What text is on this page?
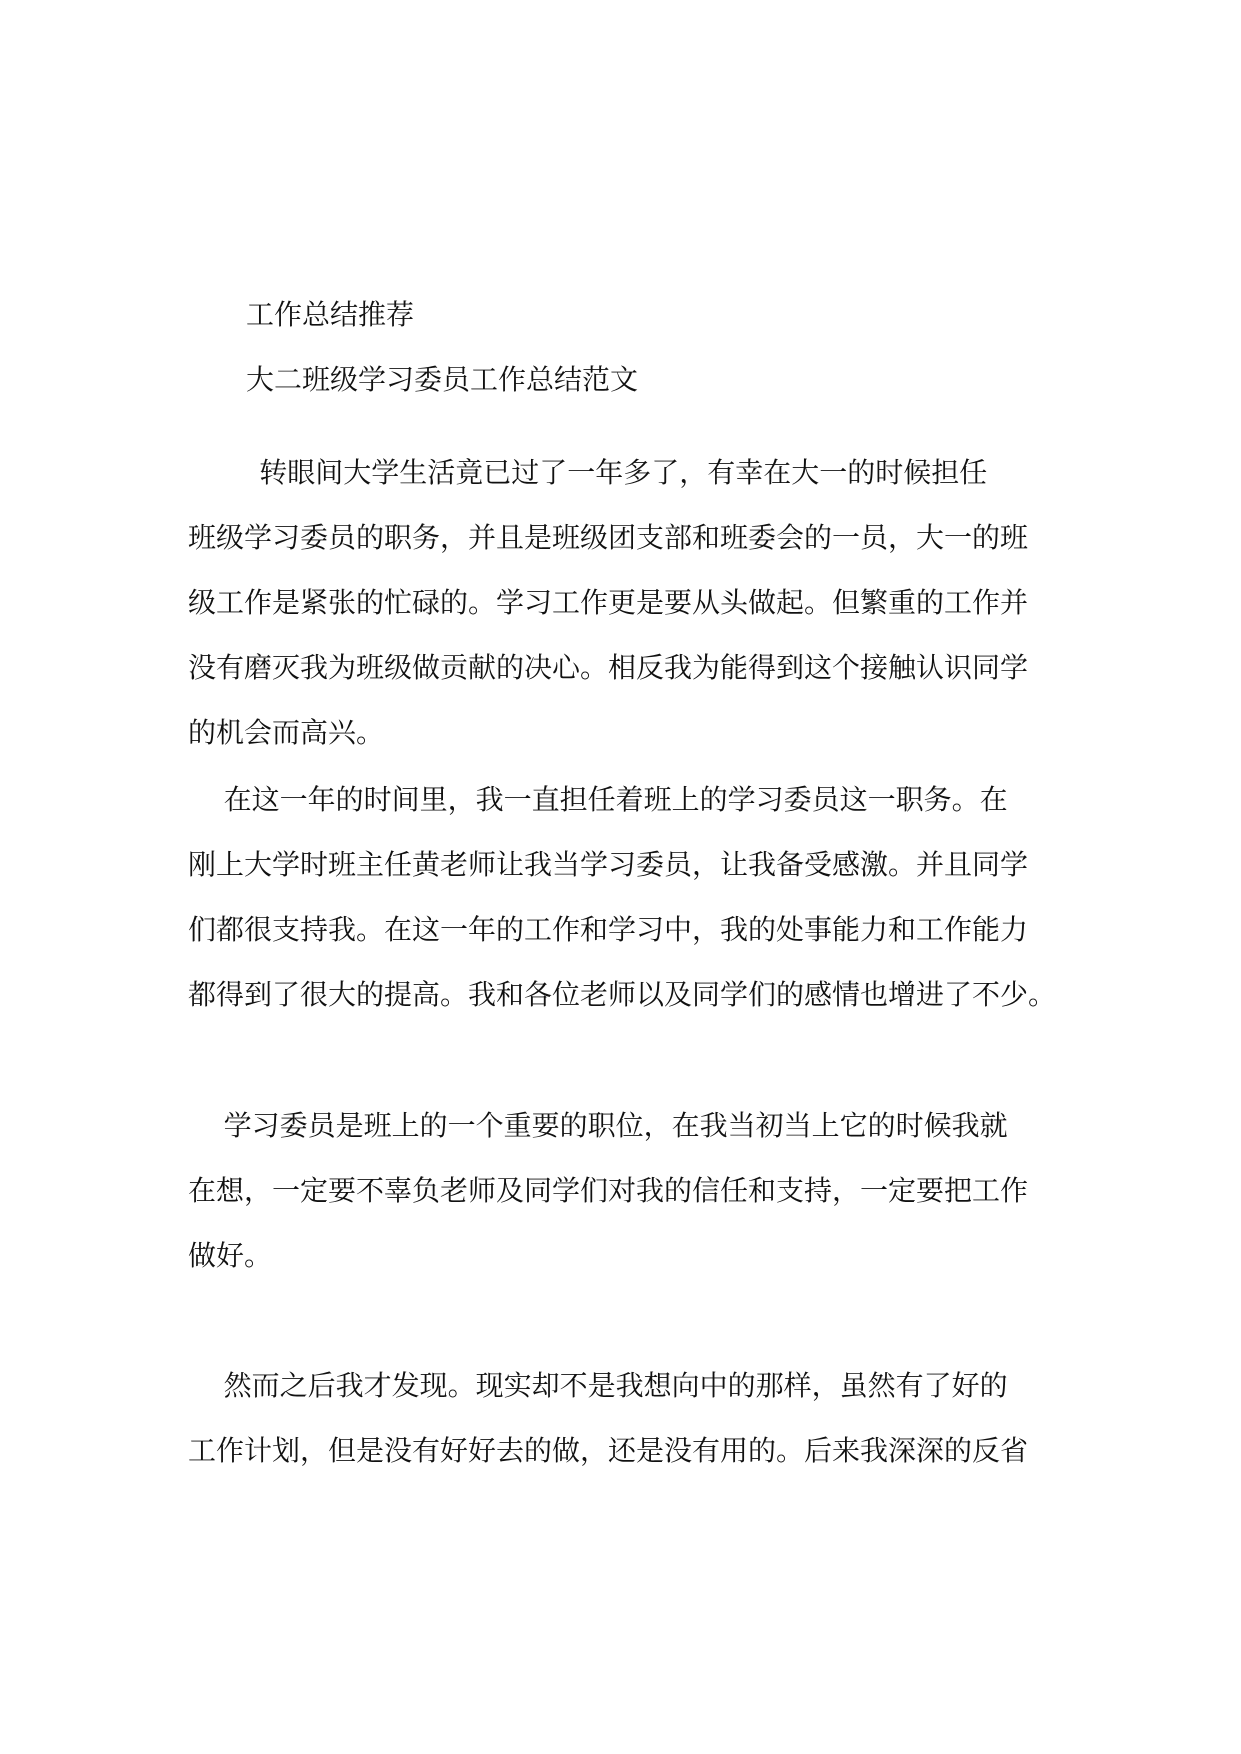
工作总结推荐
大二班级学习委员工作总结范文
转眼间大学生活竟已过了一年多了，有幸在大一的时候担任
班级学习委员的职务，并且是班级团支部和班委会的一员，大一的班
级工作是紧张的忙碌的。学习工作更是要从头做起。但繁重的工作并
没有磨灭我为班级做贡献的决心。相反我为能得到这个接触认识同学
的机会而高兴。
在这一年的时间里，我一直担任着班上的学习委员这一职务。在
刚上大学时班主任黄老师让我当学习委员，让我备受感激。并且同学
们都很支持我。在这一年的工作和学习中，我的处事能力和工作能力
都得到了很大的提高。我和各位老师以及同学们的感情也增进了不少。
学习委员是班上的一个重要的职位，在我当初当上它的时候我就
在想，一定要不辜负老师及同学们对我的信任和支持，一定要把工作
做好。
然而之后我才发现。现实却不是我想向中的那样，虽然有了好的
工作计划，但是没有好好去的做，还是没有用的。后来我深深的反省
